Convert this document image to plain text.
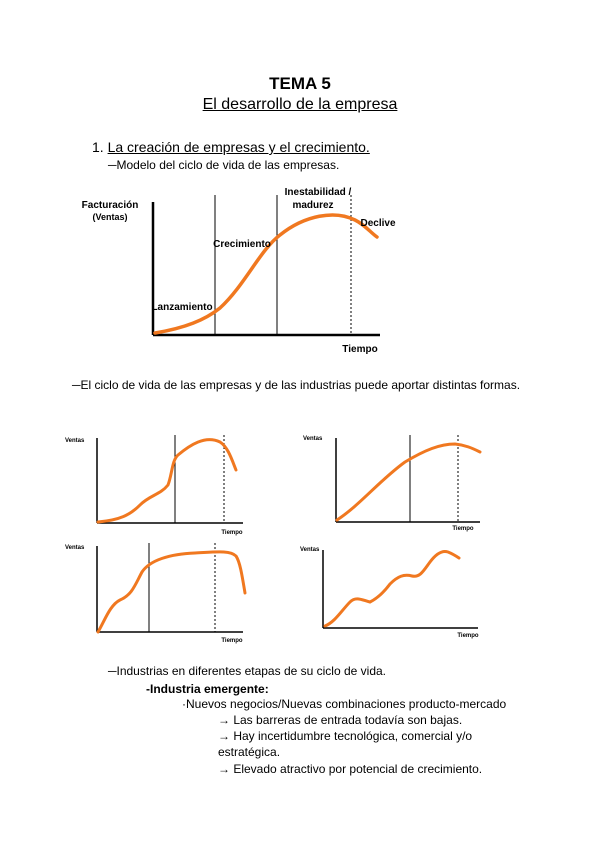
TEMA 5
El desarrollo de la empresa
1. La creación de empresas y el crecimiento.
─Modelo del ciclo de vida de las empresas.
Facturación
(Ventas)
Tiempo
Lanzamiento
Crecimiento
Inestabilidad /
madurez
Declive
─El ciclo de vida de las empresas y de las industrias puede aportar distintas formas.
Ventas
Tiempo
Ventas
Tiempo
Ventas
Tiempo
Ventas
Tiempo
─Industrias en diferentes etapas de su ciclo de vida.
-Industria emergente:
·Nuevos negocios/Nuevas combinaciones producto-mercado
→ Las barreras de entrada todavía son bajas.
→ Hay incertidumbre tecnológica, comercial y/o estratégica.
→ Elevado atractivo por potencial de crecimiento.
